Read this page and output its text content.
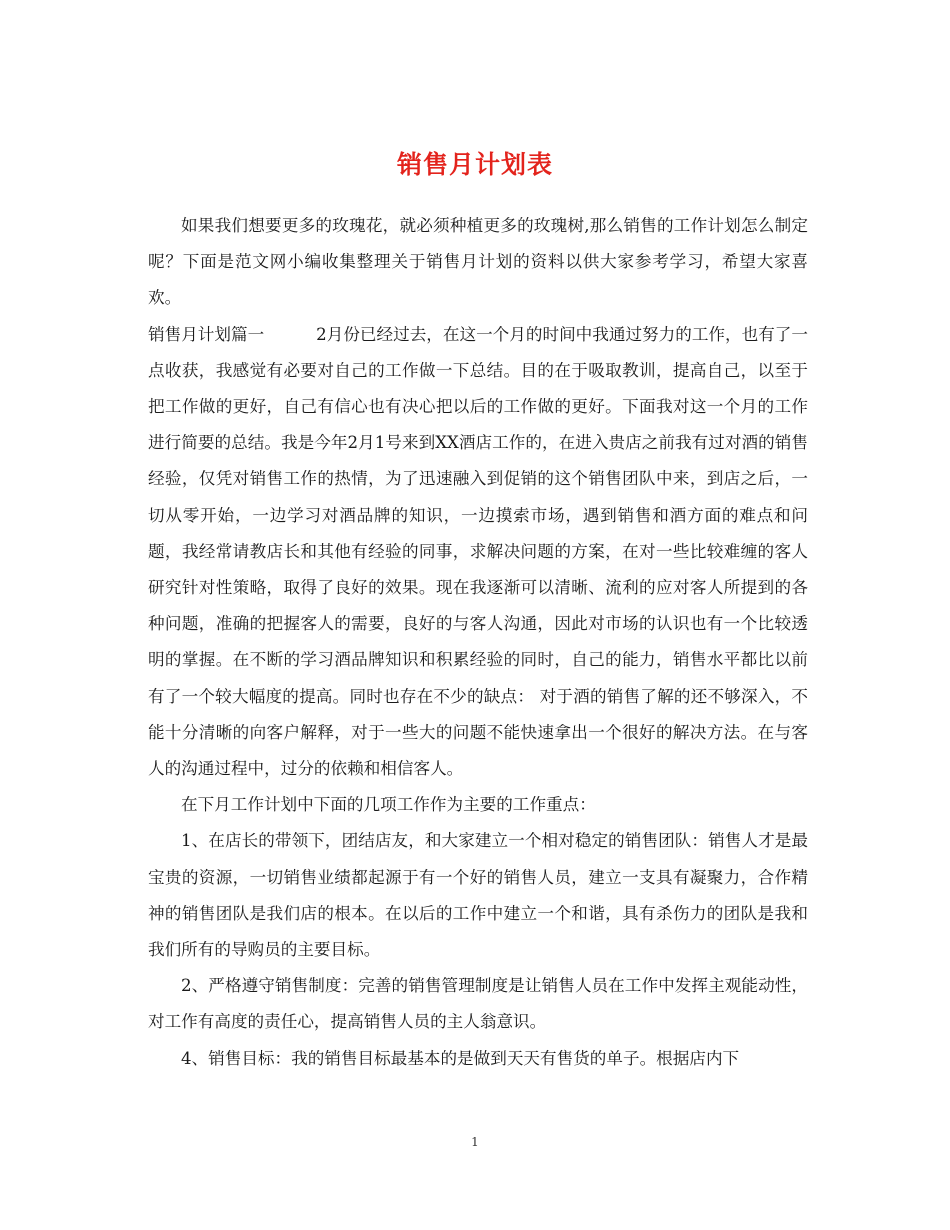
销售月计划表

如果我们想要更多的玫瑰花，就必须种植更多的玫瑰树,那么销售的工作计划怎么制定呢？下面是范文网小编收集整理关于销售月计划的资料以供大家参考学习，希望大家喜欢。

销售月计划篇一	2月份已经过去，在这一个月的时间中我通过努力的工作，也有了一点收获，我感觉有必要对自己的工作做一下总结。目的在于吸取教训，提高自己，以至于把工作做的更好，自己有信心也有决心把以后的工作做的更好。下面我对这一个月的工作进行简要的总结。我是今年2月1号来到XX酒店工作的，在进入贵店之前我有过对酒的销售经验，仅凭对销售工作的热情，为了迅速融入到促销的这个销售团队中来，到店之后，一切从零开始，一边学习对酒品牌的知识，一边摸索市场，遇到销售和酒方面的难点和问题，我经常请教店长和其他有经验的同事，求解决问题的方案，在对一些比较难缠的客人研究针对性策略，取得了良好的效果。现在我逐渐可以清晰、流利的应对客人所提到的各种问题，准确的把握客人的需要，良好的与客人沟通，因此对市场的认识也有一个比较透明的掌握。在不断的学习酒品牌知识和积累经验的同时，自己的能力，销售水平都比以前有了一个较大幅度的提高。同时也存在不少的缺点： 对于酒的销售了解的还不够深入，不能十分清晰的向客户解释，对于一些大的问题不能快速拿出一个很好的解决方法。在与客人的沟通过程中，过分的依赖和相信客人。

在下月工作计划中下面的几项工作作为主要的工作重点：

1、在店长的带领下，团结店友，和大家建立一个相对稳定的销售团队：销售人才是最宝贵的资源，一切销售业绩都起源于有一个好的销售人员，建立一支具有凝聚力，合作精神的销售团队是我们店的根本。在以后的工作中建立一个和谐，具有杀伤力的团队是我和我们所有的导购员的主要目标。

2、严格遵守销售制度：完善的销售管理制度是让销售人员在工作中发挥主观能动性，对工作有高度的责任心，提高销售人员的主人翁意识。

4、销售目标：我的销售目标最基本的是做到天天有售货的单子。根据店内下

1
